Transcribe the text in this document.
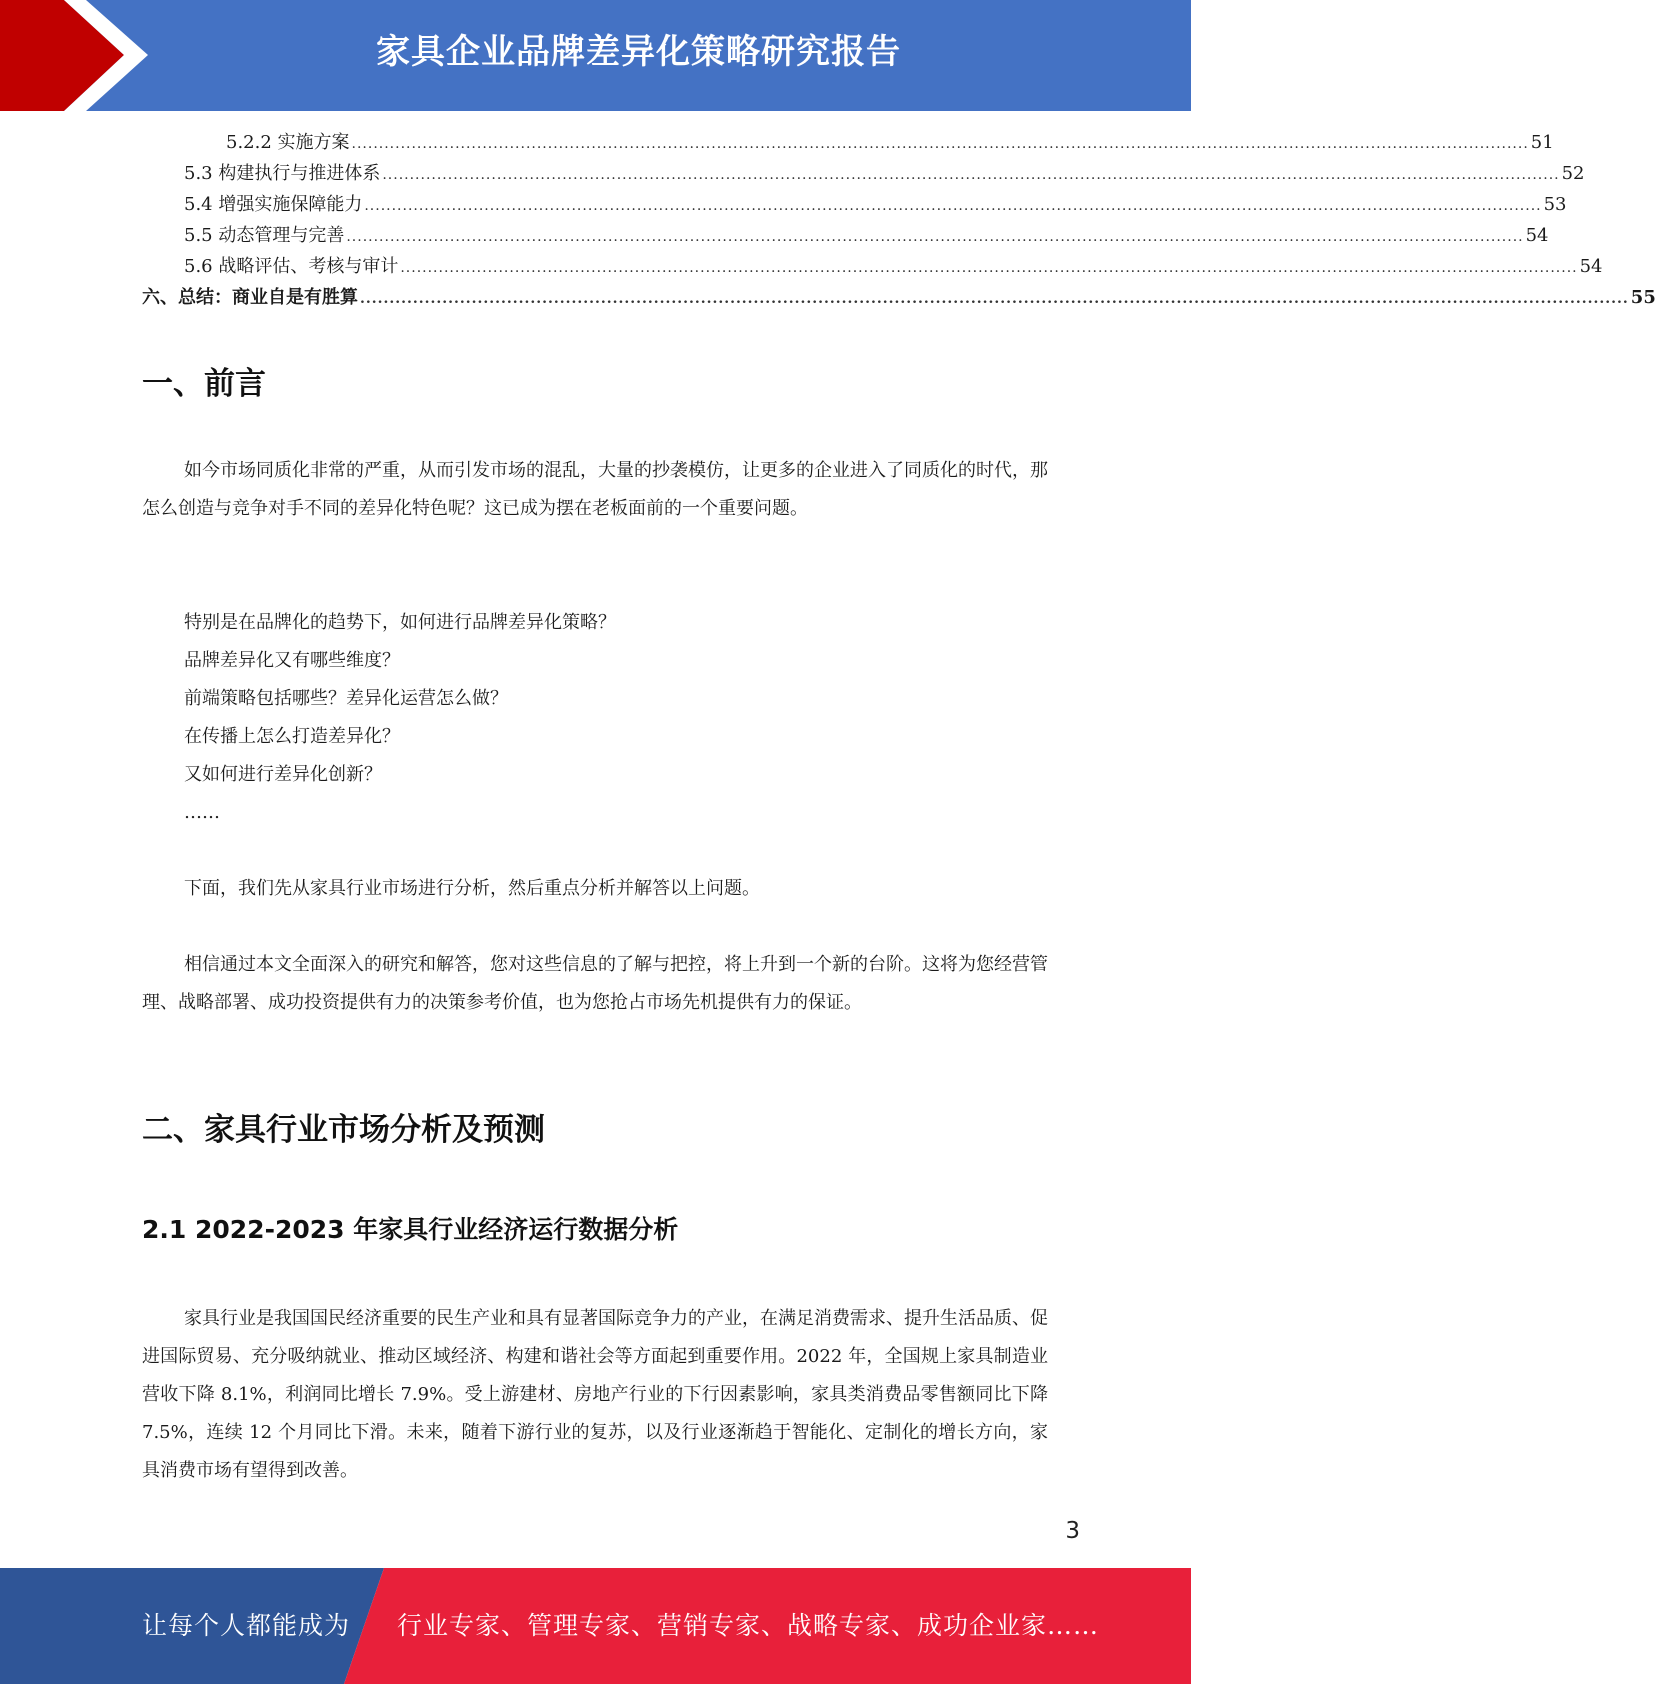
家具企业品牌差异化策略研究报告
5.2.2 实施方案 ........................................................................................................................................................................................................................ 51
5.3 构建执行与推进体系 ........................................................................................................................................................................................................................ 52
5.4 增强实施保障能力 ........................................................................................................................................................................................................................ 53
5.5 动态管理与完善 ........................................................................................................................................................................................................................ 54
5.6 战略评估、考核与审计 ........................................................................................................................................................................................................................ 54
六、总结：商业自是有胜算 ........................................................................................................................................................................................................................ 55
一、前言

如今市场同质化非常的严重，从而引发市场的混乱，大量的抄袭模仿，让更多的企业进入了同质化的时代，那怎么创造与竞争对手不同的差异化特色呢？这已成为摆在老板面前的一个重要问题。

特别是在品牌化的趋势下，如何进行品牌差异化策略？
品牌差异化又有哪些维度？
前端策略包括哪些？差异化运营怎么做？
在传播上怎么打造差异化？
又如何进行差异化创新？
……

下面，我们先从家具行业市场进行分析，然后重点分析并解答以上问题。

相信通过本文全面深入的研究和解答，您对这些信息的了解与把控，将上升到一个新的台阶。这将为您经营管理、战略部署、成功投资提供有力的决策参考价值，也为您抢占市场先机提供有力的保证。

二、家具行业市场分析及预测
2.1 2022-2023 年家具行业经济运行数据分析

家具行业是我国国民经济重要的民生产业和具有显著国际竞争力的产业，在满足消费需求、提升生活品质、促进国际贸易、充分吸纳就业、推动区域经济、构建和谐社会等方面起到重要作用。2022 年，全国规上家具制造业营收下降 8.1%，利润同比增长 7.9%。受上游建材、房地产行业的下行因素影响，家具类消费品零售额同比下降 7.5%，连续 12 个月同比下滑。未来，随着下游行业的复苏，以及行业逐渐趋于智能化、定制化的增长方向，家具消费市场有望得到改善。

3
让每个人都能成为 行业专家、管理专家、营销专家、战略专家、成功企业家……
